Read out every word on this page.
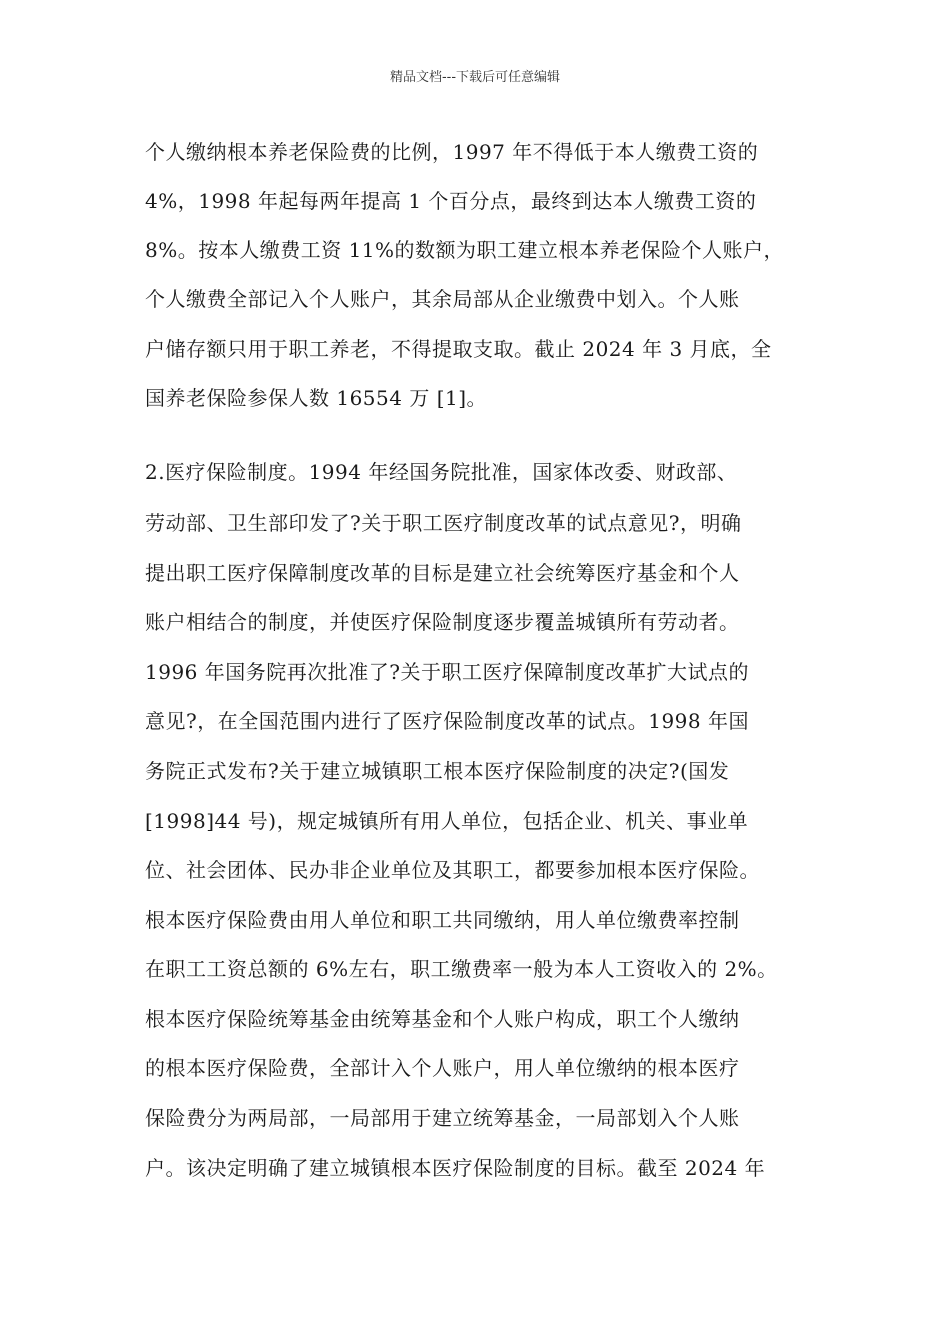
精品文档---下载后可任意编辑
个人缴纳根本养老保险费的比例，1997 年不得低于本人缴费工资的
4%，1998 年起每两年提高 1 个百分点，最终到达本人缴费工资的
8%。按本人缴费工资 11%的数额为职工建立根本养老保险个人账户，
个人缴费全部记入个人账户，其余局部从企业缴费中划入。个人账
户储存额只用于职工养老，不得提取支取。截止 2024 年 3 月底，全
国养老保险参保人数 16554 万 [1]。
2.医疗保险制度。1994 年经国务院批准，国家体改委、财政部、
劳动部、卫生部印发了?关于职工医疗制度改革的试点意见?，明确
提出职工医疗保障制度改革的目标是建立社会统筹医疗基金和个人
账户相结合的制度，并使医疗保险制度逐步覆盖城镇所有劳动者。
1996 年国务院再次批准了?关于职工医疗保障制度改革扩大试点的
意见?，在全国范围内进行了医疗保险制度改革的试点。1998 年国
务院正式发布?关于建立城镇职工根本医疗保险制度的决定?(国发
[1998]44 号)，规定城镇所有用人单位，包括企业、机关、事业单
位、社会团体、民办非企业单位及其职工，都要参加根本医疗保险。
根本医疗保险费由用人单位和职工共同缴纳，用人单位缴费率控制
在职工工资总额的 6%左右，职工缴费率一般为本人工资收入的 2%。
根本医疗保险统筹基金由统筹基金和个人账户构成，职工个人缴纳
的根本医疗保险费，全部计入个人账户，用人单位缴纳的根本医疗
保险费分为两局部，一局部用于建立统筹基金，一局部划入个人账
户。该决定明确了建立城镇根本医疗保险制度的目标。截至 2024 年
